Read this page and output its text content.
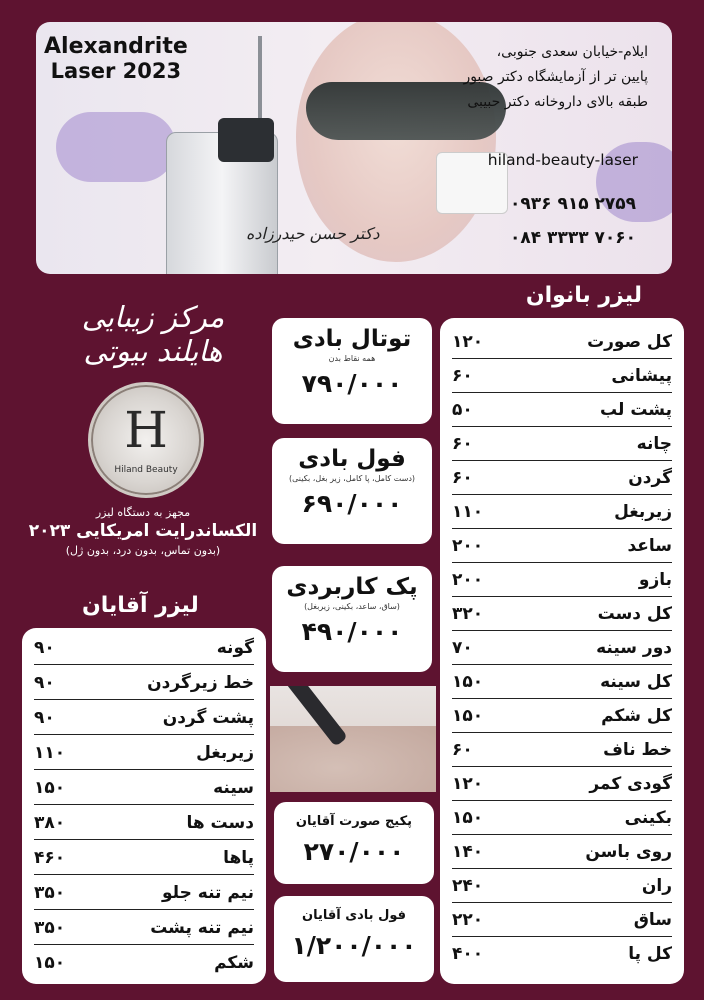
Alexandrite
Laser 2023
ایلام-خیابان سعدی جنوبی،
پایین تر از آزمایشگاه دکتر صبور
طبقه بالای داروخانه دکتر حبیبی
hiland-beauty-laser
۰۹۳۶ ۹۱۵ ۲۷۵۹
۰۸۴ ۳۳۳۳ ۷۰۶۰
دکتر حسن حیدرزاده
لیزر بانوان
کل صورت
۱۲۰
پیشانی
۶۰
پشت لب
۵۰
چانه
۶۰
گردن
۶۰
زیربغل
۱۱۰
ساعد
۲۰۰
بازو
۲۰۰
کل دست
۳۲۰
دور سینه
۷۰
کل سینه
۱۵۰
کل شکم
۱۵۰
خط ناف
۶۰
گودی کمر
۱۲۰
بکینی
۱۵۰
روی باسن
۱۴۰
ران
۲۴۰
ساق
۲۲۰
کل پا
۴۰۰
مرکز زیبایی هایلند بیوتی
H
Hiland Beauty
مجهز به دستگاه لیزر
الکساندرایت امریکایی ۲۰۲۳
(بدون تماس، بدون درد، بدون ژل)
توتال بادی
همه نقاط بدن
۷۹۰/۰۰۰
فول بادی
(دست کامل، پا کامل، زیر بغل، بکینی)
۶۹۰/۰۰۰
پک کاربردی
(ساق، ساعد، بکینی، زیربغل)
۴۹۰/۰۰۰
پکیج صورت آقایان
۲۷۰/۰۰۰
فول بادی آقایان
۱/۲۰۰/۰۰۰
لیزر آقایان
گونه
۹۰
خط زیرگردن
۹۰
پشت گردن
۹۰
زیربغل
۱۱۰
سینه
۱۵۰
دست ها
۳۸۰
پاها
۴۶۰
نیم تنه جلو
۳۵۰
نیم تنه پشت
۳۵۰
شکم
۱۵۰
